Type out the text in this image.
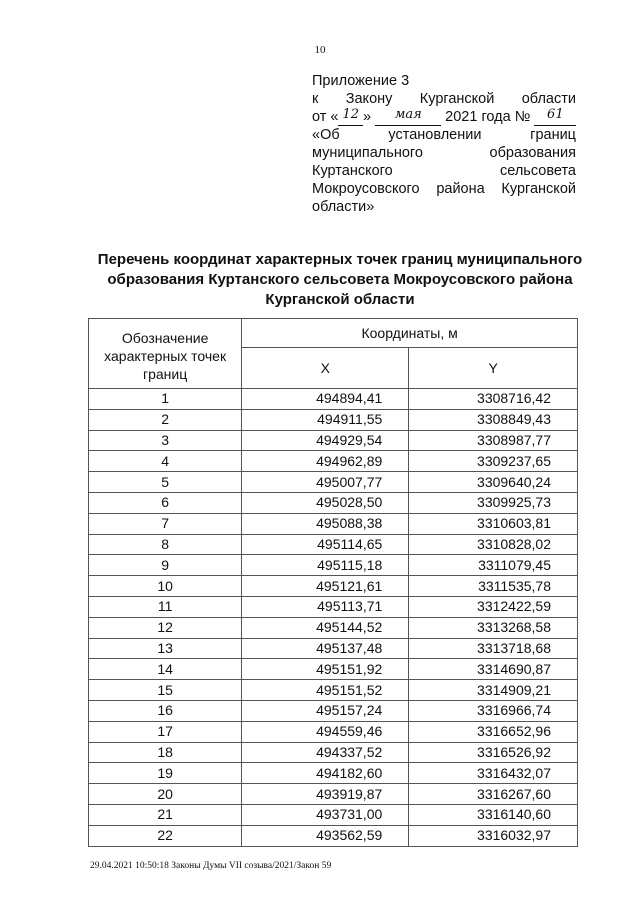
10
Приложение 3
к Закону Курганской области
от « 12 »
	мая
	2021 года №
	61
«Об	установлении	границ
муниципального	образования
Куртанского	сельсовета
Мокроусовского района Курганской
области»
Перечень координат характерных точек границ муниципального
образования Куртанского сельсовета Мокроусовского района
Курганской области
Обозначение характерных точек границ	Координаты, м	
	X	Y
1	494894,41	3308716,42
2	494911,55	3308849,43
3	494929,54	3308987,77
4	494962,89	3309237,65
5	495007,77	3309640,24
6	495028,50	3309925,73
7	495088,38	3310603,81
8	495114,65	3310828,02
9	495115,18	3311079,45
10	495121,61	3311535,78
11	495113,71	3312422,59
12	495144,52	3313268,58
13	495137,48	3313718,68
14	495151,92	3314690,87
15	495151,52	3314909,21
16	495157,24	3316966,74
17	494559,46	3316652,96
18	494337,52	3316526,92
19	494182,60	3316432,07
20	493919,87	3316267,60
21	493731,00	3316140,60
22	493562,59	3316032,97
29.04.2021 10:50:18 Законы Думы VII созыва/2021/Закон 59
